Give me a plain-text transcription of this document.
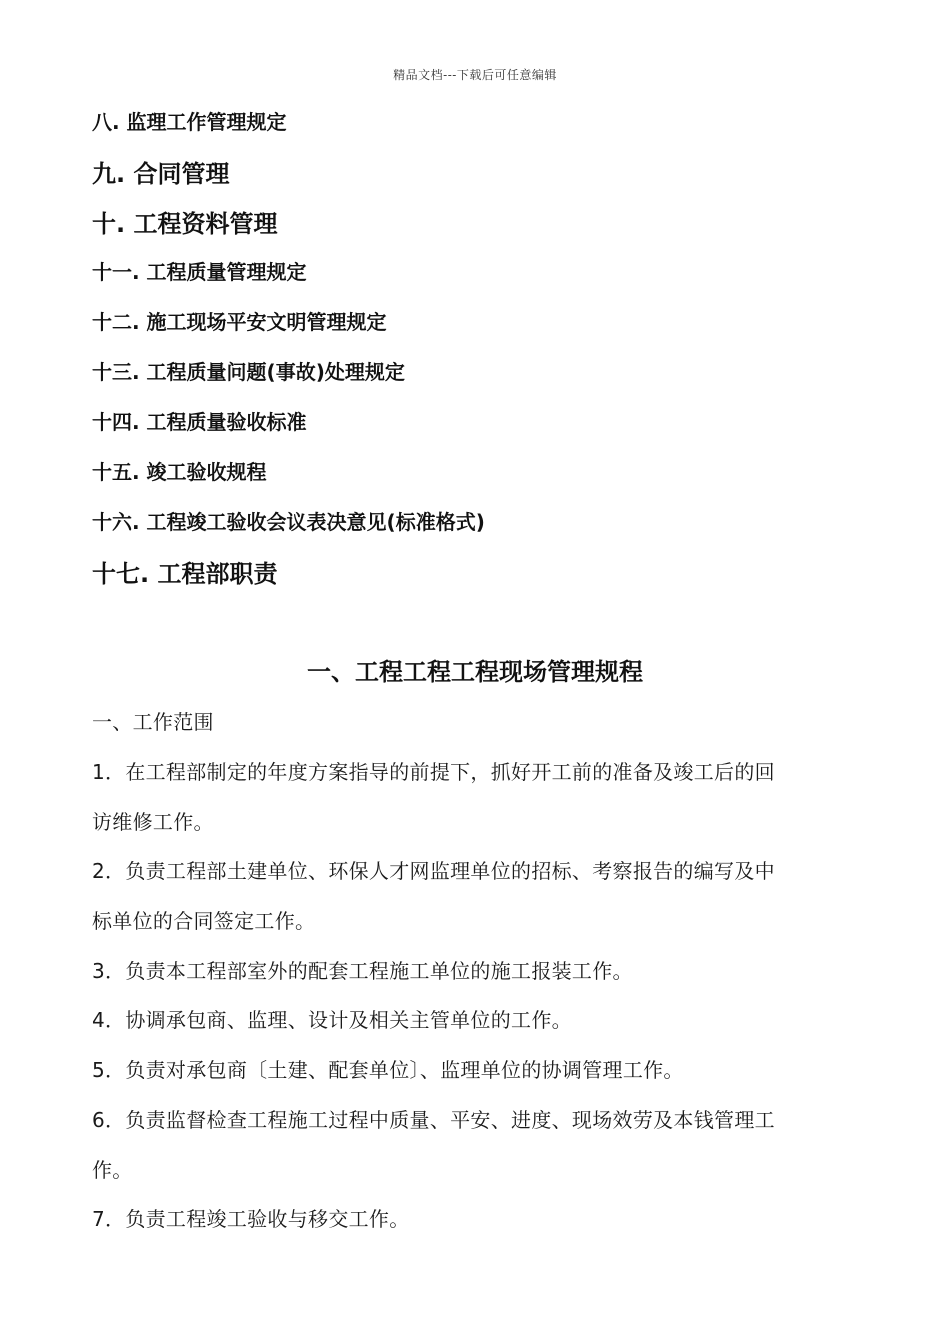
精品文档---下载后可任意编辑
八. 监理工作管理规定
九. 合同管理
十. 工程资料管理
十一. 工程质量管理规定
十二. 施工现场平安文明管理规定
十三. 工程质量问题(事故)处理规定
十四. 工程质量验收标准
十五. 竣工验收规程
十六. 工程竣工验收会议表决意见(标准格式)
十七. 工程部职责
一、工程工程工程现场管理规程
一、工作范围
1．在工程部制定的年度方案指导的前提下，抓好开工前的准备及竣工后的回
访维修工作。
2．负责工程部土建单位、环保人才网监理单位的招标、考察报告的编写及中
标单位的合同签定工作。
3．负责本工程部室外的配套工程施工单位的施工报装工作。
4．协调承包商、监理、设计及相关主管单位的工作。
5．负责对承包商〔土建、配套单位〕、监理单位的协调管理工作。
6．负责监督检查工程施工过程中质量、平安、进度、现场效劳及本钱管理工
作。
7．负责工程竣工验收与移交工作。
